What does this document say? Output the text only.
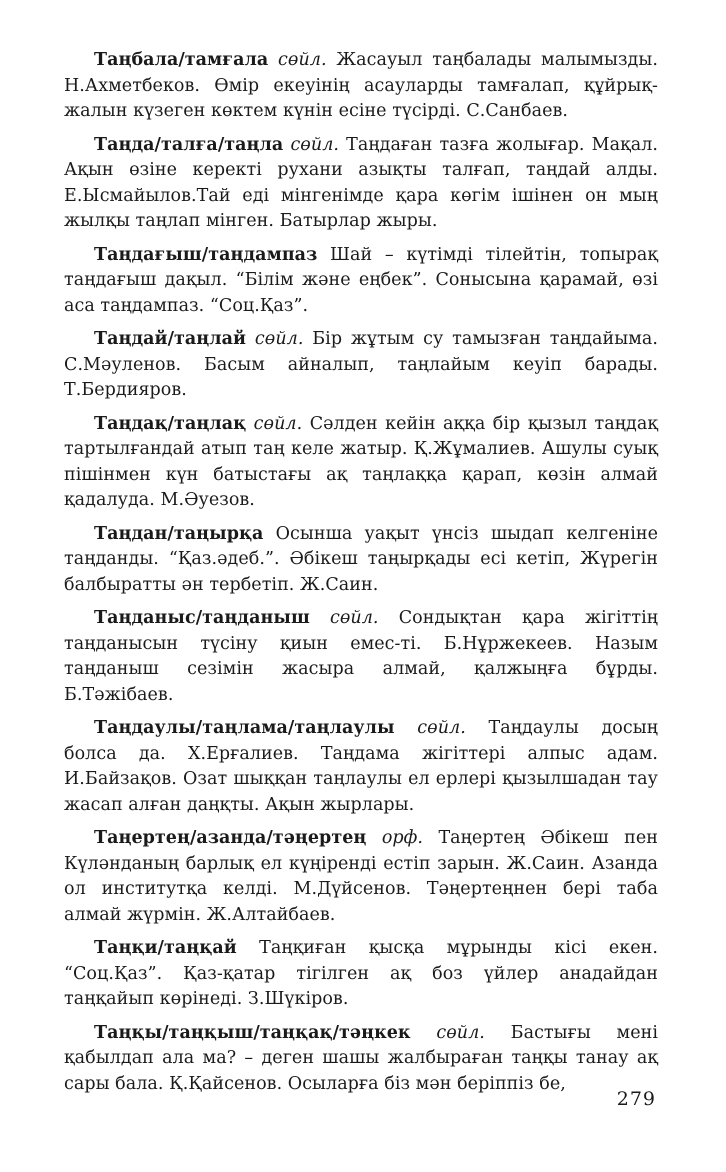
Таңбала/тамғала сөйл. Жасауыл таңбалады малымызды. Н.Ахметбеков. Өмір екеуінің асауларды тамғалап, құйрық-жалын күзеген көктем күнін есіне түсірді. С.Санбаев.

Таңда/талға/таңла сөйл. Таңдаған тазға жолығар. Мақал. Ақын өзіне керекті рухани азықты талғап, таңдай алды. Е.Ысмайылов.Тай еді мінгенімде қара көгім ішінен он мың жылқы таңлап мінген. Батырлар жыры.

Таңдағыш/таңдампаз Шай – күтімді тілейтін, топырақ таңдағыш дақыл. “Білім және еңбек”. Сонысына қарамай, өзі аса таңдампаз. “Соц.Қаз”.

Таңдай/таңлай сөйл. Бір жұтым су тамызған таңдайыма. С.Мәуленов. Басым айналып, таңлайым кеуіп барады. Т.Бердияров.

Таңдақ/таңлақ сөйл. Сәлден кейін аққа бір қызыл таңдақ тартылғандай атып таң келе жатыр. Қ.Жұмалиев. Ашулы суық пішінмен күн батыстағы ақ таңлаққа қарап, көзін алмай қадалуда. М.Әуезов.

Таңдан/таңырқа Осынша уақыт үнсіз шыдап келгеніне таңданды. “Қаз.әдеб.”. Әбікеш таңырқады есі кетіп, Жүрегін балбыратты ән тербетіп. Ж.Саин.

Таңданыс/таңданыш сөйл. Сондықтан қара жігіттің таңданысын түсіну қиын емес-ті. Б.Нұржекеев. Назым таңданыш сезімін жасыра алмай, қалжыңға бұрды. Б.Тәжібаев.

Таңдаулы/таңлама/таңлаулы сөйл. Таңдаулы досың болса да. Х.Ерғалиев. Таңдама жігіттері алпыс адам. И.Байзақов. Озат шыққан таңлаулы ел ерлері қызылшадан тау жасап алған даңқты. Ақын жырлары.

Таңертең/азанда/тәңертең орф. Таңертең Әбікеш пен Күләнданың барлық ел күңіренді естіп зарын. Ж.Саин. Азанда ол институтқа келді. М.Дүйсенов. Тәңертеңнен бері таба алмай жүрмін. Ж.Алтайбаев.

Таңқи/таңқай Таңқиған қысқа мұрынды кісі екен. “Соц.Қаз”. Қаз-қатар тігілген ақ боз үйлер анадайдан таңқайып көрінеді. З.Шүкіров.

Таңқы/таңқыш/таңқақ/тәңкек сөйл. Бастығы мені қабылдап ала ма? – деген шашы жалбыраған таңқы танау ақ сары бала. Қ.Қайсенов. Осыларға біз мән беріппіз бе,

279
